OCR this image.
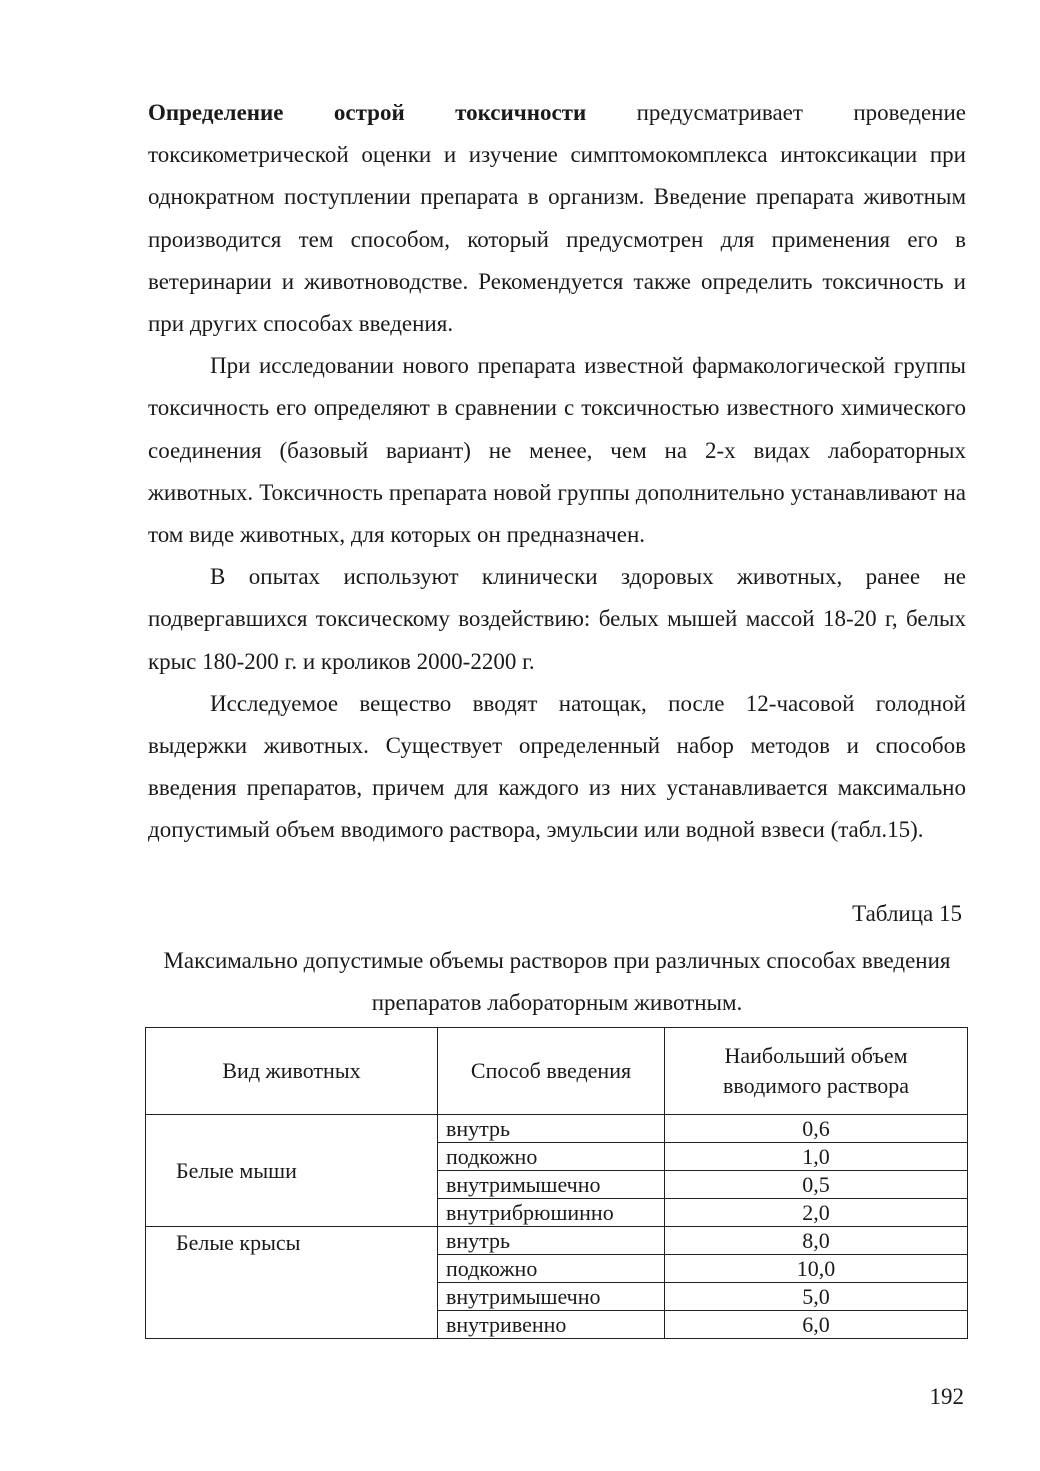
Определение острой токсичности предусматривает проведение токсикометрической оценки и изучение симптомокомплекса интоксикации при однократном поступлении препарата в организм. Введение препарата животным производится тем способом, который предусмотрен для применения его в ветеринарии и животноводстве. Рекомендуется также определить токсичность и при других способах введения.

При исследовании нового препарата известной фармакологической группы токсичность его определяют в сравнении с токсичностью известного химического соединения (базовый вариант) не менее, чем на 2-х видах лабораторных животных. Токсичность препарата новой группы дополнительно устанавливают на том виде животных, для которых он предназначен.

В опытах используют клинически здоровых животных, ранее не подвергавшихся токсическому воздействию: белых мышей массой 18-20 г, белых крыс 180-200 г. и кроликов 2000-2200 г.

Исследуемое вещество вводят натощак, после 12-часовой голодной выдержки животных. Существует определенный набор методов и способов введения препаратов, причем для каждого из них устанавливается максимально допустимый объем вводимого раствора, эмульсии или водной взвеси (табл.15).

Таблица 15
Максимально допустимые объемы растворов при различных способах введения препаратов лабораторным животным.
Вид животных	Способ введения	Наибольший объем вводимого раствора
Белые мыши	внутрь	0,6
	подкожно	1,0
	внутримышечно	0,5
	внутрибрюшинно	2,0
Белые крысы	внутрь	8,0
	подкожно	10,0
	внутримышечно	5,0
	внутривенно	6,0
192
